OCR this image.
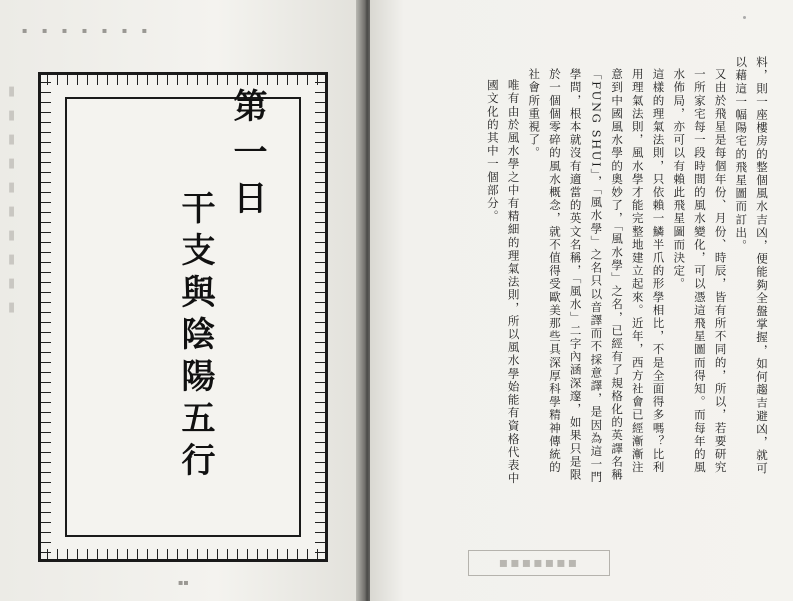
▪ ▪ ▪ ▪ ▪ ▪ ▪
▮
▮
▮
▮
▮
▮
▮
▮
▮
▮
第一日
干支與陰陽五行
▪▪

料，則一座樓房的整個風水吉凶，便能夠全盤掌握，如何趨吉避凶，就可以藉這一幅陽宅的飛星圖而訂出。

又由於飛星是每個年份、月份、時辰，皆有所不同的，所以，若要研究一所家宅每一段時間的風水變化，可以憑這飛星圖而得知。而每年的風水佈局，亦可以有賴此飛星圖而決定。

這樣的理氣法則，只依賴一鱗半爪的形學相比，不是全面得多嗎？比利用理氣法則，風水學才能完整地建立起來。近年，西方社會已經漸漸注意到中國風水學的奧妙了，「風水學」之名，已經有了規格化的英譯名稱「FUNG SHUI」，「風水學」之名只以音譯而不採意譯，是因為這一門學問，根本就沒有適當的英文名稱，「風水」二字內涵深邃，如果只是限於一個個零碎的風水概念，就不值得受歐美那些具深厚科學精神傳統的社會所重視了。

唯有由於風水學之中有精細的理氣法則，所以風水學始能有資格代表中國文化的其中一個部分。

▪▪▪▪▪▪▪
